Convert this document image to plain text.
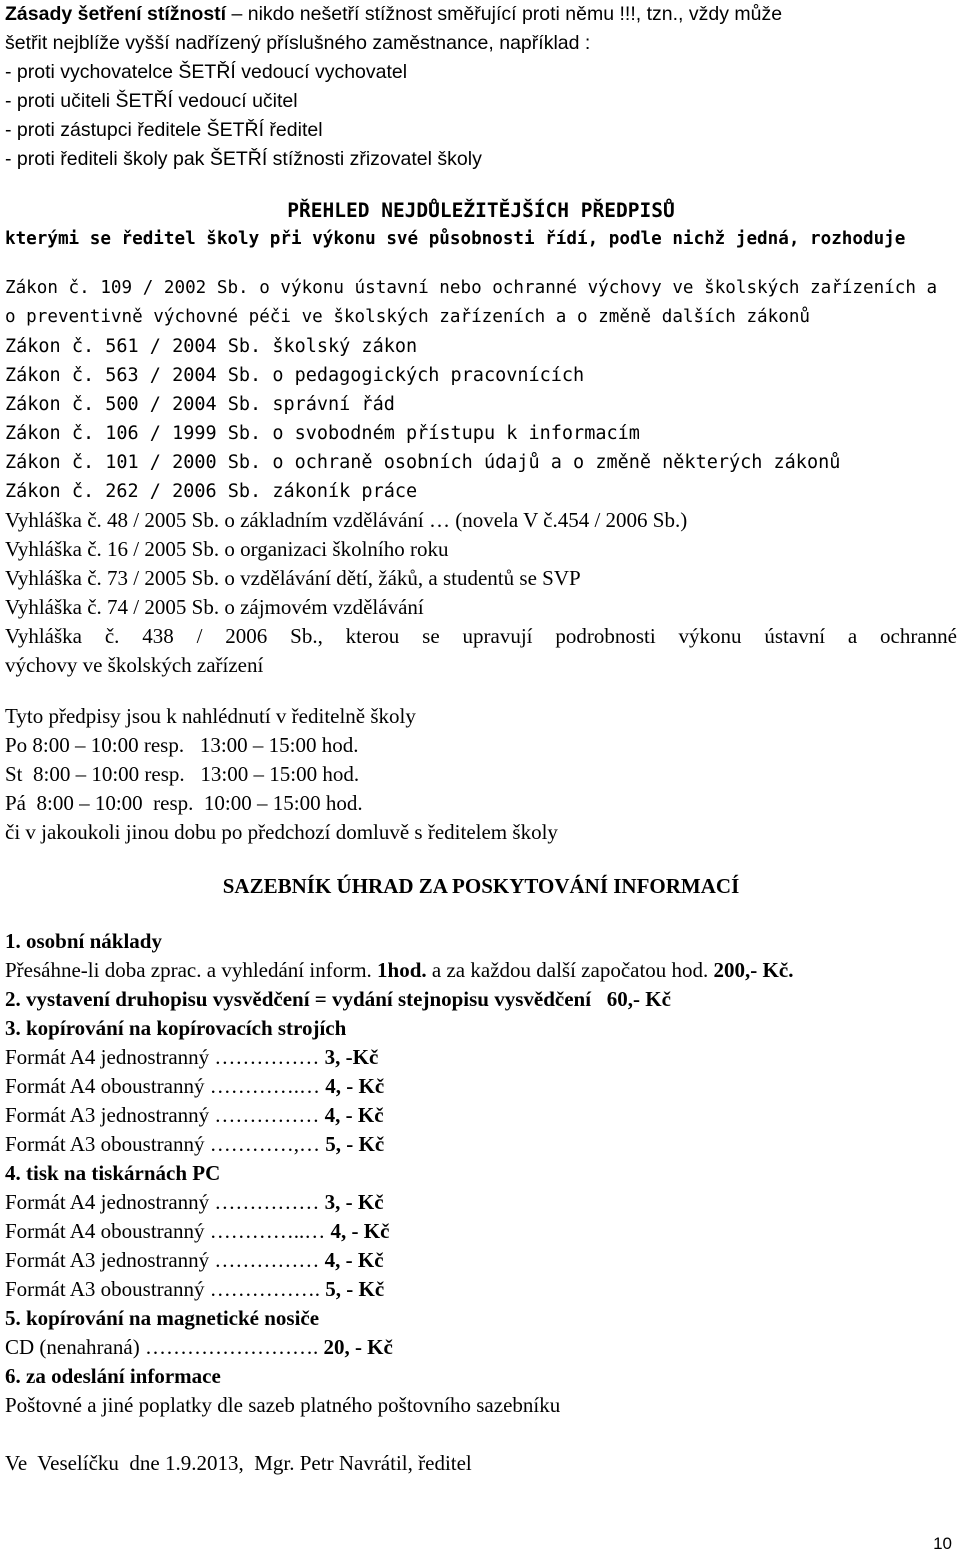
Zásady šetření stížností – nikdo nešetří stížnost směřující proti němu !!!, tzn., vždy může
šetřit nejblíže vyšší nadřízený příslušného zaměstnance, například :
- proti vychovatelce ŠETŘÍ vedoucí vychovatel
- proti učiteli ŠETŘÍ vedoucí učitel
- proti zástupci ředitele ŠETŘÍ ředitel
- proti řediteli školy pak ŠETŘÍ stížnosti zřizovatel školy
PŘEHLED NEJDŮLEŽITĚJŠÍCH PŘEDPISŮ
kterými se ředitel školy při výkonu své působnosti řídí, podle nichž jedná, rozhoduje
Zákon č. 109 / 2002 Sb. o výkonu ústavní nebo ochranné výchovy ve školských zařízeních a
o preventivně výchovné péči ve školských zařízeních a o změně dalších zákonů
Zákon č. 561 / 2004 Sb. školský zákon
Zákon č. 563 / 2004 Sb. o pedagogických pracovnících
Zákon č. 500 / 2004 Sb. správní řád
Zákon č. 106 / 1999 Sb. o svobodném přístupu k informacím
Zákon č. 101 / 2000 Sb. o ochraně osobních údajů a o změně některých zákonů
Zákon č. 262 / 2006 Sb. zákoník práce
Vyhláška č. 48 / 2005 Sb. o základním vzdělávání … (novela V č.454 / 2006 Sb.)
Vyhláška č. 16 / 2005 Sb. o organizaci školního roku
Vyhláška č. 73 / 2005 Sb. o vzdělávání dětí, žáků, a studentů se SVP
Vyhláška č. 74 / 2005 Sb. o zájmovém vzdělávání
Vyhláška č. 438 / 2006 Sb., kterou se upravují podrobnosti výkonu ústavní a ochranné
výchovy ve školských zařízení
Tyto předpisy jsou k nahlédnutí v ředitelně školy
Po 8:00 – 10:00 resp.   13:00 – 15:00 hod.
St  8:00 – 10:00 resp.   13:00 – 15:00 hod.
Pá  8:00 – 10:00  resp.  10:00 – 15:00 hod.
či v jakoukoli jinou dobu po předchozí domluvě s ředitelem školy
SAZEBNÍK ÚHRAD ZA POSKYTOVÁNÍ INFORMACÍ
1. osobní náklady
Přesáhne-li doba zprac. a vyhledání inform. 1hod. a za každou další započatou hod. 200,- Kč.
2. vystavení druhopisu vysvědčení = vydání stejnopisu vysvědčení   60,- Kč
3. kopírování na kopírovacích strojích
Formát A4 jednostranný …………… 3, -Kč
Formát A4 oboustranný ………….… 4, - Kč
Formát A3 jednostranný …………… 4, - Kč
Formát A3 oboustranný …………,… 5, - Kč
4. tisk na tiskárnách PC
Formát A4 jednostranný …………… 3, - Kč
Formát A4 oboustranný …………..… 4, - Kč
Formát A3 jednostranný …………… 4, - Kč
Formát A3 oboustranný ……………. 5, - Kč
5. kopírování na magnetické nosiče
CD (nenahraná) ……………………. 20, - Kč
6. za odeslání informace
Poštovné a jiné poplatky dle sazeb platného poštovního sazebníku
Ve  Veselíčku  dne 1.9.2013,  Mgr. Petr Navrátil, ředitel
10
